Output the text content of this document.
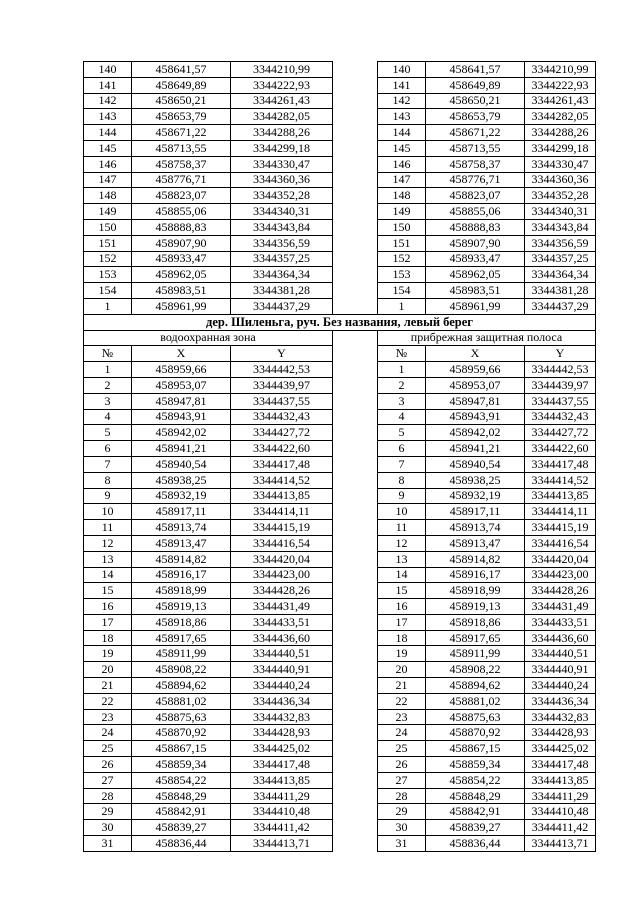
140	458641,57	3344210,99		140	458641,57	3344210,99
141	458649,89	3344222,93		141	458649,89	3344222,93
142	458650,21	3344261,43		142	458650,21	3344261,43
143	458653,79	3344282,05		143	458653,79	3344282,05
144	458671,22	3344288,26		144	458671,22	3344288,26
145	458713,55	3344299,18		145	458713,55	3344299,18
146	458758,37	3344330,47		146	458758,37	3344330,47
147	458776,71	3344360,36		147	458776,71	3344360,36
148	458823,07	3344352,28		148	458823,07	3344352,28
149	458855,06	3344340,31		149	458855,06	3344340,31
150	458888,83	3344343,84		150	458888,83	3344343,84
151	458907,90	3344356,59		151	458907,90	3344356,59
152	458933,47	3344357,25		152	458933,47	3344357,25
153	458962,05	3344364,34		153	458962,05	3344364,34
154	458983,51	3344381,28		154	458983,51	3344381,28
1	458961,99	3344437,29		1	458961,99	3344437,29
дер. Шиленьга, руч. Без названия, левый берег						
водоохранная зона				прибрежная защитная полоса		
№	X	Y		№	X	Y
1	458959,66	3344442,53		1	458959,66	3344442,53
2	458953,07	3344439,97		2	458953,07	3344439,97
3	458947,81	3344437,55		3	458947,81	3344437,55
4	458943,91	3344432,43		4	458943,91	3344432,43
5	458942,02	3344427,72		5	458942,02	3344427,72
6	458941,21	3344422,60		6	458941,21	3344422,60
7	458940,54	3344417,48		7	458940,54	3344417,48
8	458938,25	3344414,52		8	458938,25	3344414,52
9	458932,19	3344413,85		9	458932,19	3344413,85
10	458917,11	3344414,11		10	458917,11	3344414,11
11	458913,74	3344415,19		11	458913,74	3344415,19
12	458913,47	3344416,54		12	458913,47	3344416,54
13	458914,82	3344420,04		13	458914,82	3344420,04
14	458916,17	3344423,00		14	458916,17	3344423,00
15	458918,99	3344428,26		15	458918,99	3344428,26
16	458919,13	3344431,49		16	458919,13	3344431,49
17	458918,86	3344433,51		17	458918,86	3344433,51
18	458917,65	3344436,60		18	458917,65	3344436,60
19	458911,99	3344440,51		19	458911,99	3344440,51
20	458908,22	3344440,91		20	458908,22	3344440,91
21	458894,62	3344440,24		21	458894,62	3344440,24
22	458881,02	3344436,34		22	458881,02	3344436,34
23	458875,63	3344432,83		23	458875,63	3344432,83
24	458870,92	3344428,93		24	458870,92	3344428,93
25	458867,15	3344425,02		25	458867,15	3344425,02
26	458859,34	3344417,48		26	458859,34	3344417,48
27	458854,22	3344413,85		27	458854,22	3344413,85
28	458848,29	3344411,29		28	458848,29	3344411,29
29	458842,91	3344410,48		29	458842,91	3344410,48
30	458839,27	3344411,42		30	458839,27	3344411,42
31	458836,44	3344413,71		31	458836,44	3344413,71
